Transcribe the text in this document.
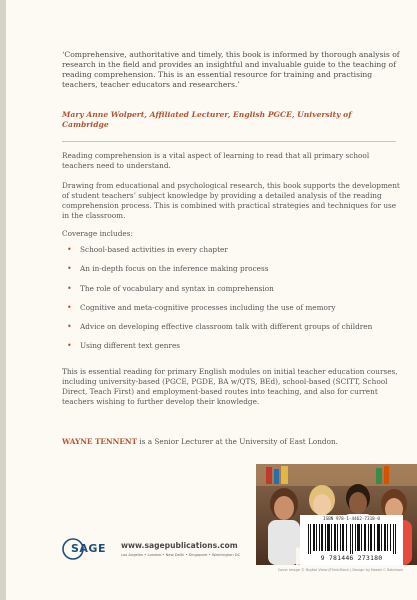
‘Comprehensive, authoritative and timely, this book is informed by thorough analysis of research in the field and provides an insightful and invaluable guide to the teaching of reading comprehension. This is an essential resource for training and practising teachers, teacher educators and researchers.’

Mary Anne Wolpert, Affiliated Lecturer, English PGCE, University of Cambridge

Reading comprehension is a vital aspect of learning to read that all primary school teachers need to understand.

Drawing from educational and psychological research, this book supports the development of student teachers’ subject knowledge by providing a detailed analysis of the reading comprehension process. This is combined with practical strategies and techniques for use in the classroom.

Coverage includes:

• School-based activities in every chapter
• An in-depth focus on the inference making process
• The role of vocabulary and syntax in comprehension
• Cognitive and meta-cognitive processes including the use of memory
• Advice on developing effective classroom talk with different groups of children
• Using different text genres

This is essential reading for primary English modules on initial teacher education courses, including university-based (PGCE, PGDE, BA w/QTS, BEd), school-based (SCITT, School Direct, Teach First) and employment-based routes into teaching, and also for current teachers wishing to further develop their knowledge.

WAYNE TENNENT is a Senior Lecturer at the University of East London.

ISBN 978-1-4462-7318-0
9 781446 273180
SAGE www.sagepublications.com
Los Angeles • London • New Delhi • Singapore • Washington DC
Cover image © Digital Vision/ThinkStock | Design by Naomi C Robinson
